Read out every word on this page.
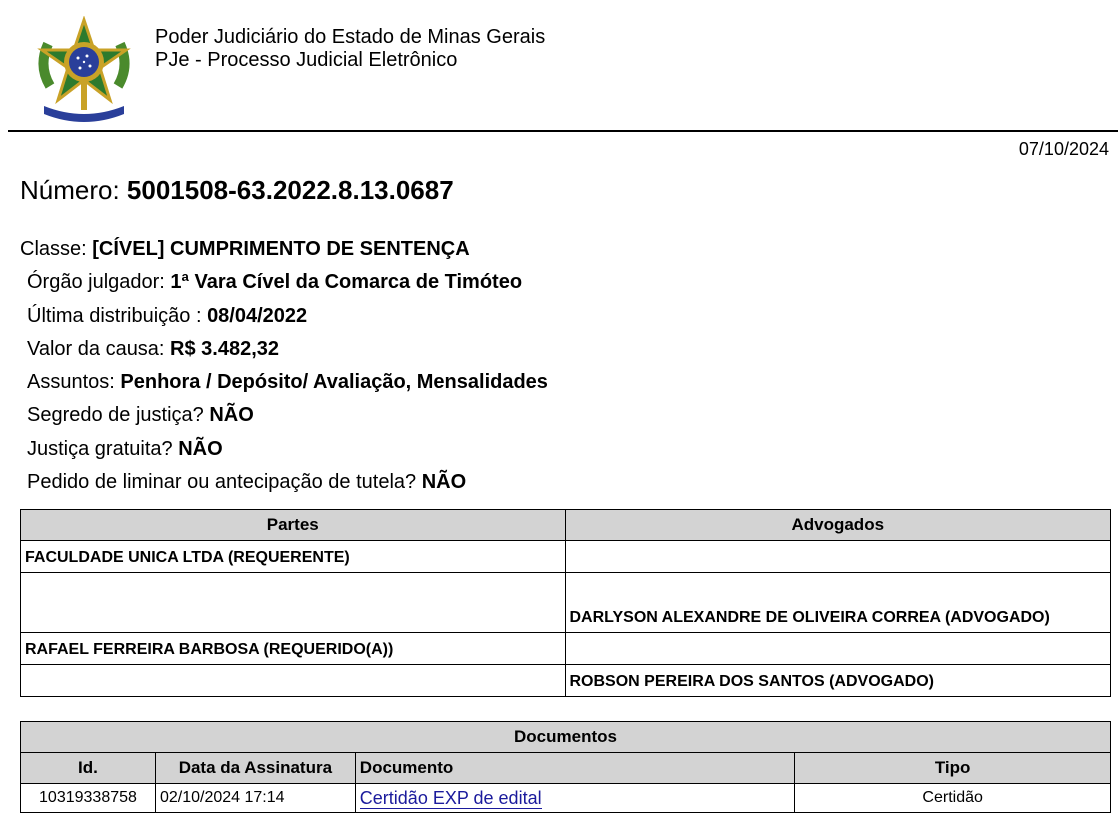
Poder Judiciário do Estado de Minas Gerais
PJe - Processo Judicial Eletrônico
07/10/2024
Número: 5001508-63.2022.8.13.0687
Classe: [CÍVEL] CUMPRIMENTO DE SENTENÇA
Órgão julgador: 1ª Vara Cível da Comarca de Timóteo
Última distribuição : 08/04/2022
Valor da causa: R$ 3.482,32
Assuntos: Penhora / Depósito/ Avaliação, Mensalidades
Segredo de justiça? NÃO
Justiça gratuita? NÃO
Pedido de liminar ou antecipação de tutela? NÃO
Partes	Advogados
FACULDADE UNICA LTDA (REQUERENTE)	
	DARLYSON ALEXANDRE DE OLIVEIRA CORREA (ADVOGADO)
RAFAEL FERREIRA BARBOSA (REQUERIDO(A))	
	ROBSON PEREIRA DOS SANTOS (ADVOGADO)
Documentos			
Id.	Data da Assinatura	Documento	Tipo
10319338758	02/10/2024 17:14	Certidão EXP de edital	Certidão
